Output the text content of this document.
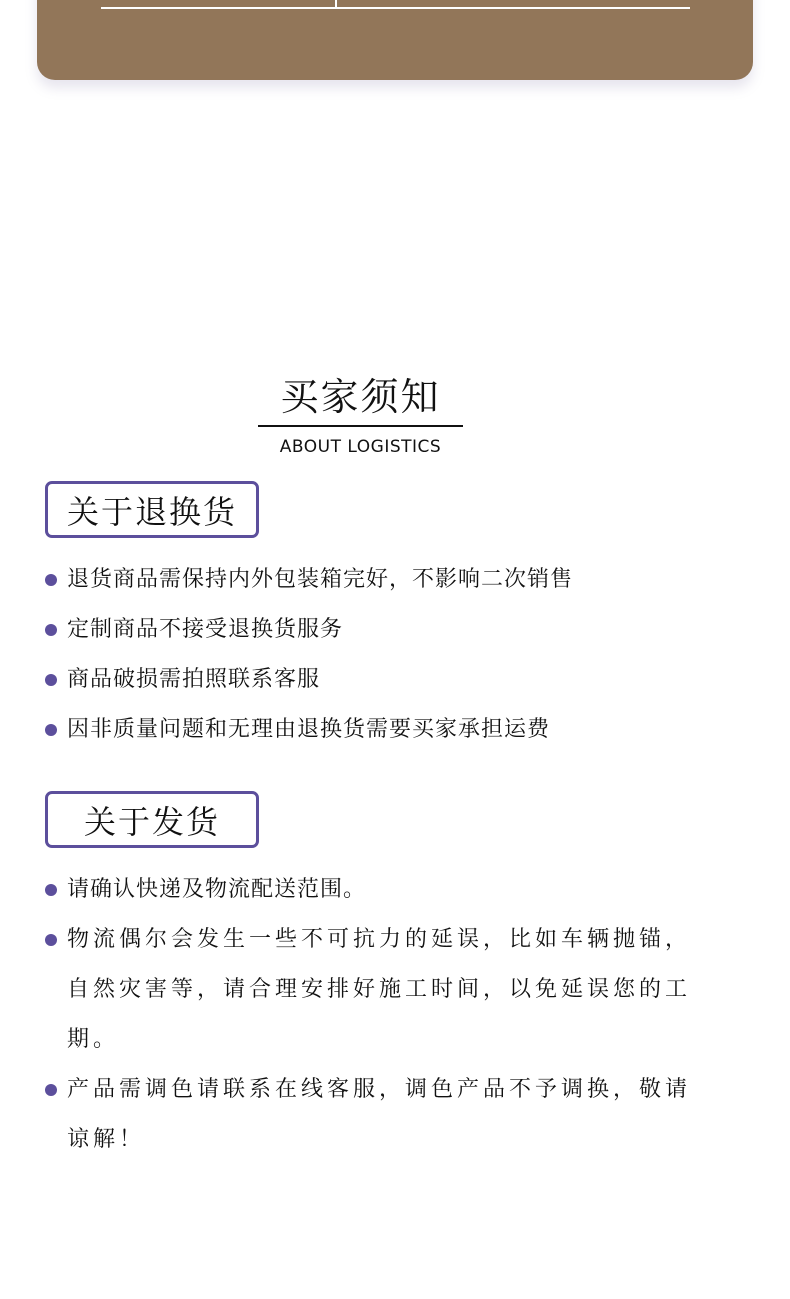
买家须知
ABOUT LOGISTICS
关于退换货
退货商品需保持内外包装箱完好，不影响二次销售
定制商品不接受退换货服务
商品破损需拍照联系客服
因非质量问题和无理由退换货需要买家承担运费
关于发货
请确认快递及物流配送范围。
物流偶尔会发生一些不可抗力的延误，比如车辆抛锚，自然灾害等，请合理安排好施工时间，以免延误您的工期。
产品需调色请联系在线客服，调色产品不予调换，敬请谅解！
